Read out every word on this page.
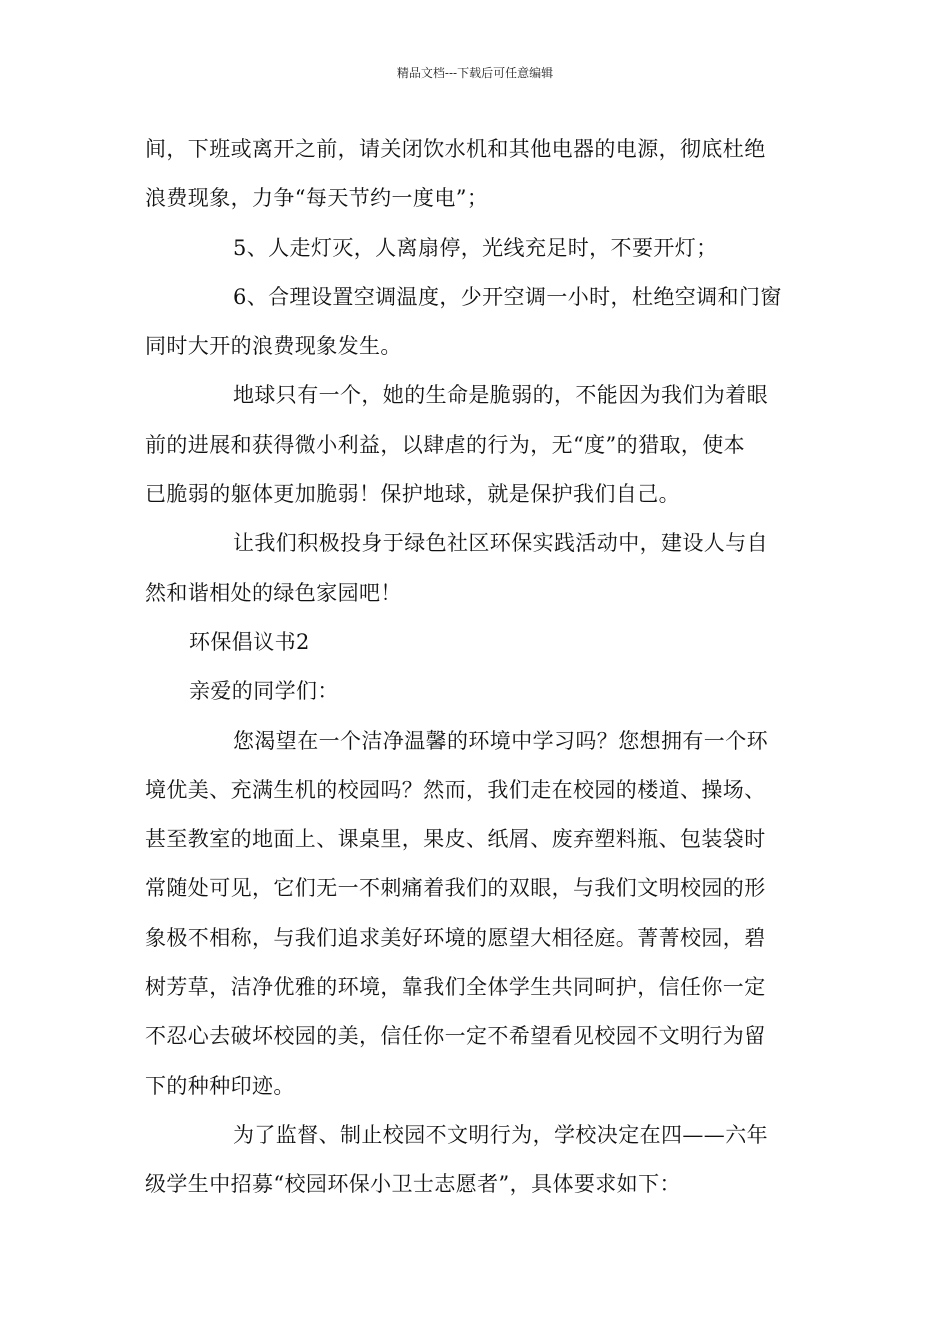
精品文档---下载后可任意编辑
间，下班或离开之前，请关闭饮水机和其他电器的电源，彻底杜绝
浪费现象，力争“每天节约一度电”；
5、人走灯灭，人离扇停，光线充足时，不要开灯；
6、合理设置空调温度，少开空调一小时，杜绝空调和门窗
同时大开的浪费现象发生。
地球只有一个，她的生命是脆弱的，不能因为我们为着眼
前的进展和获得微小利益，以肆虐的行为，无“度”的猎取，使本
已脆弱的躯体更加脆弱！保护地球，就是保护我们自己。
让我们积极投身于绿色社区环保实践活动中，建设人与自
然和谐相处的绿色家园吧！
环保倡议书2
亲爱的同学们：
您渴望在一个洁净温馨的环境中学习吗？您想拥有一个环
境优美、充满生机的校园吗？然而，我们走在校园的楼道、操场、
甚至教室的地面上、课桌里，果皮、纸屑、废弃塑料瓶、包装袋时
常随处可见，它们无一不刺痛着我们的双眼，与我们文明校园的形
象极不相称，与我们追求美好环境的愿望大相径庭。菁菁校园，碧
树芳草，洁净优雅的环境，靠我们全体学生共同呵护，信任你一定
不忍心去破坏校园的美，信任你一定不希望看见校园不文明行为留
下的种种印迹。
为了监督、制止校园不文明行为，学校决定在四——六年
级学生中招募“校园环保小卫士志愿者”，具体要求如下：
